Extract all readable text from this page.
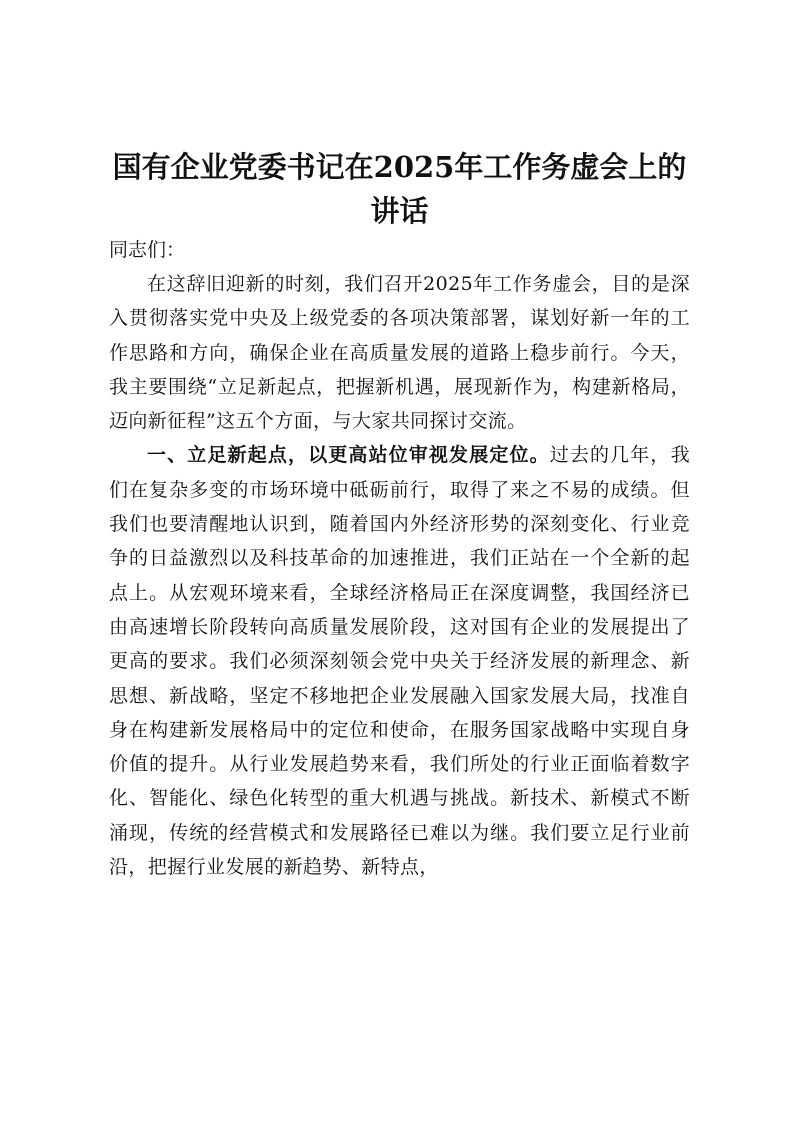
国有企业党委书记在2025年工作务虚会上的讲话

同志们：

在这辞旧迎新的时刻，我们召开2025年工作务虚会，目的是深入贯彻落实党中央及上级党委的各项决策部署，谋划好新一年的工作思路和方向，确保企业在高质量发展的道路上稳步前行。今天，我主要围绕“立足新起点，把握新机遇，展现新作为，构建新格局，迈向新征程”这五个方面，与大家共同探讨交流。

一、立足新起点，以更高站位审视发展定位。过去的几年，我们在复杂多变的市场环境中砥砺前行，取得了来之不易的成绩。但我们也要清醒地认识到，随着国内外经济形势的深刻变化、行业竞争的日益激烈以及科技革命的加速推进，我们正站在一个全新的起点上。从宏观环境来看，全球经济格局正在深度调整，我国经济已由高速增长阶段转向高质量发展阶段，这对国有企业的发展提出了更高的要求。我们必须深刻领会党中央关于经济发展的新理念、新思想、新战略，坚定不移地把企业发展融入国家发展大局，找准自身在构建新发展格局中的定位和使命，在服务国家战略中实现自身价值的提升。从行业发展趋势来看，我们所处的行业正面临着数字化、智能化、绿色化转型的重大机遇与挑战。新技术、新模式不断涌现，传统的经营模式和发展路径已难以为继。我们要立足行业前沿，把握行业发展的新趋势、新特点，
